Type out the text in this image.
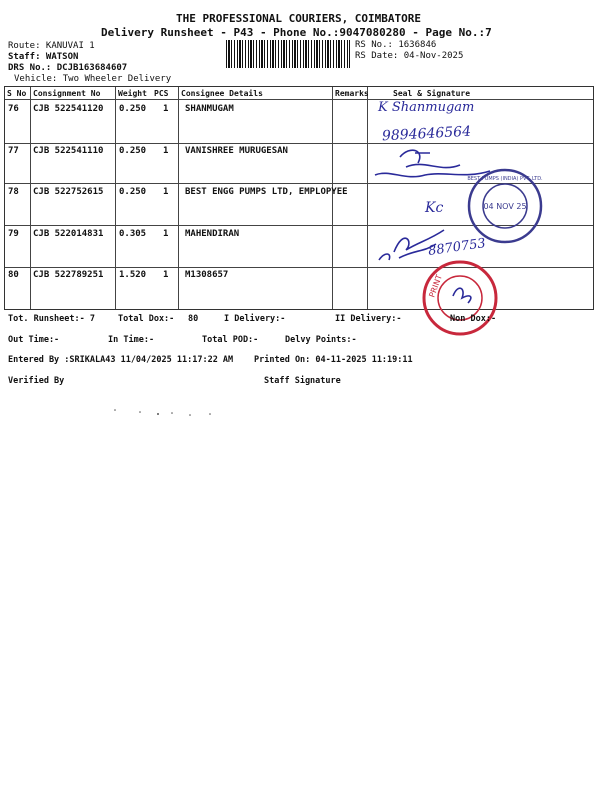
THE PROFESSIONAL COURIERS, COIMBATORE
Delivery Runsheet - P43 - Phone No.:9047080280 - Page No.:7
Route: KANUVAI 1
Staff: WATSON
DRS No.: DCJB163684607
Vehicle: Two Wheeler Delivery
RS No.: 1636846
RS Date: 04-Nov-2025
S No Consignment No Weight PCS Consignee Details	Remarks	Seal & Signature
76 CJB 522541120 0.250 1 SHANMUGAM
77 CJB 522541110 0.250 1 VANISHREE MURUGESAN
78 CJB 522752615 0.250 1 BEST ENGG PUMPS LTD, EMPLOPYEE
79 CJB 522014831 0.305 1 MAHENDIRAN
80 CJB 522789251 1.520 1 M1308657
K Shanmugam
9894646564
Kc
8870753
04 NOV 25
BEST PUMPS (INDIA) PVT. LTD.
PRINT
Tot. Runsheet:- 7	Total Dox:- 80	I Delivery:-	II Delivery:-	Non Dox:-
Out Time:-	In Time:-	Total POD:-	Delvy Points:-
Entered By :SRIKALA43 11/04/2025 11:17:22 AM Printed On: 04-11-2025 11:19:11
Verified By	Staff Signature
